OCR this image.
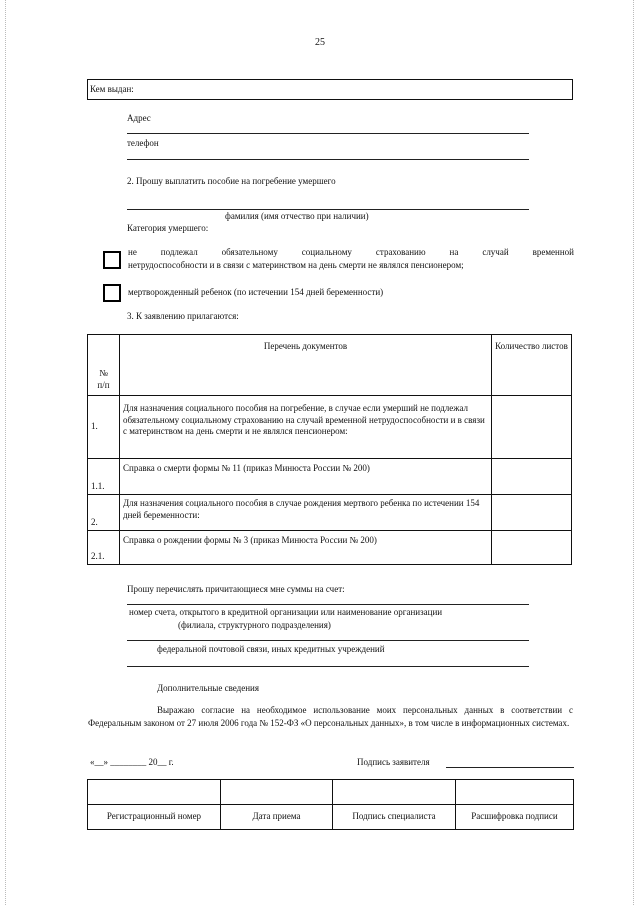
25
Кем выдан:
Адрес
телефон
2. Прошу выплатить пособие на погребение умершего
фамилия (имя отчество при наличии)
Категория умершего:
не подлежал обязательному социальному страхованию на случай временной
нетрудоспособности и в связи с материнством на день смерти не являлся пенсионером;
мертворожденный ребенок (по истечении 154 дней беременности)
3. К заявлению прилагаются:
№ п/п	Перечень документов	Количество листов
1.	Для назначения социального пособия на погребение, в случае если умерший не подлежал обязательному социальному страхованию на случай временной нетрудоспособности и в связи с материнством на день смерти и не являлся пенсионером:	
1.1.	Справка о смерти формы № 11 (приказ Минюста России № 200)	
2.	Для назначения социального пособия в случае рождения мертвого ребенка по истечении 154 дней беременности:	
2.1.	Справка о рождении формы № 3 (приказ Минюста России № 200)	
Прошу перечислять причитающиеся мне суммы на счет:
номер счета, открытого в кредитной организации или наименование организации
(филиала, структурного подразделения)
федеральной почтовой связи, иных кредитных учреждений
Дополнительные сведения
Выражаю согласие на необходимое использование моих персональных данных в соответствии с Федеральным законом от 27 июля 2006 года № 152-ФЗ «О персональных данных», в том числе в информационных системах.
«__» ________ 20__ г.	Подпись заявителя

Регистрационный номер	Дата приема	Подпись специалиста	Расшифровка подписи
